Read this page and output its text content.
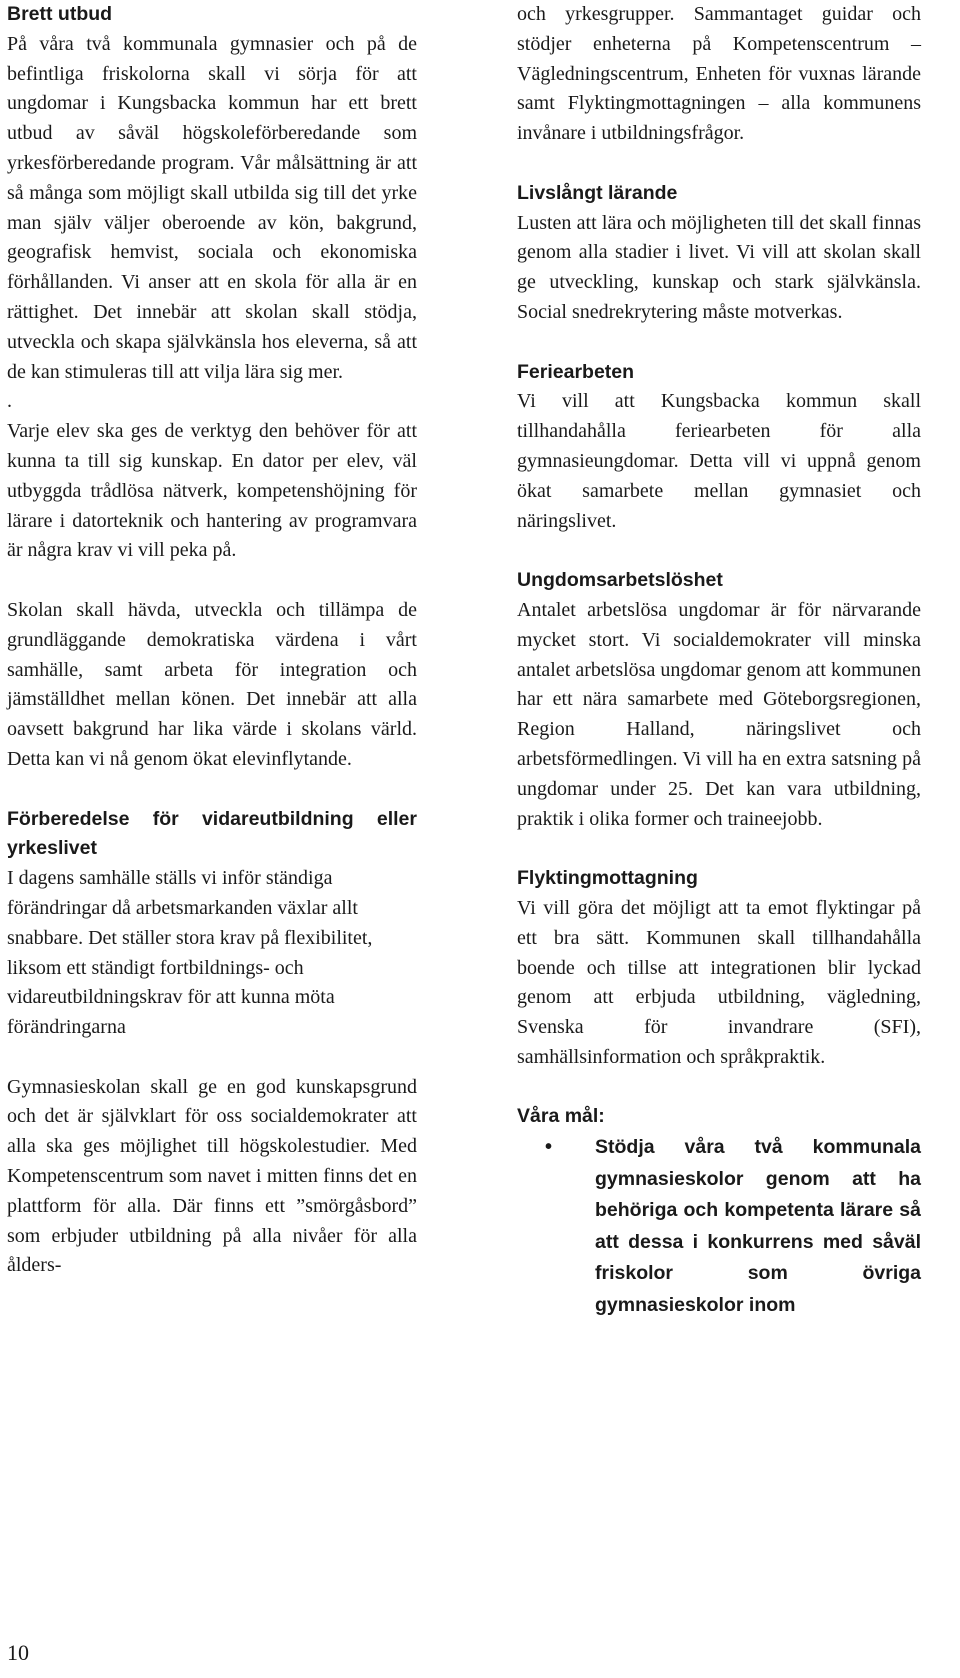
Brett utbud

På våra två kommunala gymnasier och på de befintliga friskolorna skall vi sörja för att ungdomar i Kungsbacka kommun har ett brett utbud av såväl högskoleförberedande som yrkesförberedande program. Vår målsättning är att så många som möjligt skall utbilda sig till det yrke man själv väljer oberoende av kön, bakgrund, geografisk hemvist, sociala och ekonomiska förhållanden. Vi anser att en skola för alla är en rättighet. Det innebär att skolan skall stödja, utveckla och skapa självkänsla hos eleverna, så att de kan stimuleras till att vilja lära sig mer.

.

Varje elev ska ges de verktyg den behöver för att kunna ta till sig kunskap. En dator per elev, väl utbyggda trådlösa nätverk, kompetenshöjning för lärare i datorteknik och hantering av programvara är några krav vi vill peka på.

Skolan skall hävda, utveckla och tillämpa de grundläggande demokratiska värdena i vårt samhälle, samt arbeta för integration och jämställdhet mellan könen. Det innebär att alla oavsett bakgrund har lika värde i skolans värld. Detta kan vi nå genom ökat elevinflytande.

Förberedelse för vidareutbildning eller yrkeslivet

I dagens samhälle ställs vi inför ständiga förändringar då arbetsmarkanden växlar allt snabbare. Det ställer stora krav på flexibilitet, liksom ett ständigt fortbildnings- och vidareutbildningskrav för att kunna möta förändringarna

Gymnasieskolan skall ge en god kunskapsgrund och det är självklart för oss socialdemokrater att alla ska ges möjlighet till högskolestudier. Med Kompetenscentrum som navet i mitten finns det en plattform för alla. Där finns ett ”smörgåsbord” som erbjuder utbildning på alla nivåer för alla ålders-

och yrkesgrupper. Sammantaget guidar och stödjer enheterna på Kompetenscentrum – Vägledningscentrum, Enheten för vuxnas lärande samt Flyktingmottagningen – alla kommunens invånare i utbildningsfrågor.

Livslångt lärande

Lusten att lära och möjligheten till det skall finnas genom alla stadier i livet. Vi vill att skolan skall ge utveckling, kunskap och stark självkänsla. Social snedrekrytering måste motverkas.

Feriearbeten

Vi vill att Kungsbacka kommun skall tillhandahålla feriearbeten för alla gymnasieungdomar. Detta vill vi uppnå genom ökat samarbete mellan gymnasiet och näringslivet.

Ungdomsarbetslöshet

Antalet arbetslösa ungdomar är för närvarande mycket stort. Vi socialdemokrater vill minska antalet arbetslösa ungdomar genom att kommunen har ett nära samarbete med Göteborgsregionen, Region Halland, näringslivet och arbetsförmedlingen. Vi vill ha en extra satsning på ungdomar under 25. Det kan vara utbildning, praktik i olika former och traineejobb.

Flyktingmottagning

Vi vill göra det möjligt att ta emot flyktingar på ett bra sätt. Kommunen skall tillhandahålla boende och tillse att integrationen blir lyckad genom att erbjuda utbildning, vägledning, Svenska för invandrare (SFI), samhällsinformation och språkpraktik.

Våra mål:
• Stödja våra två kommunala gymnasieskolor genom att ha behöriga och kompetenta lärare så att dessa i konkurrens med såväl friskolor som övriga gymnasieskolor inom
10
